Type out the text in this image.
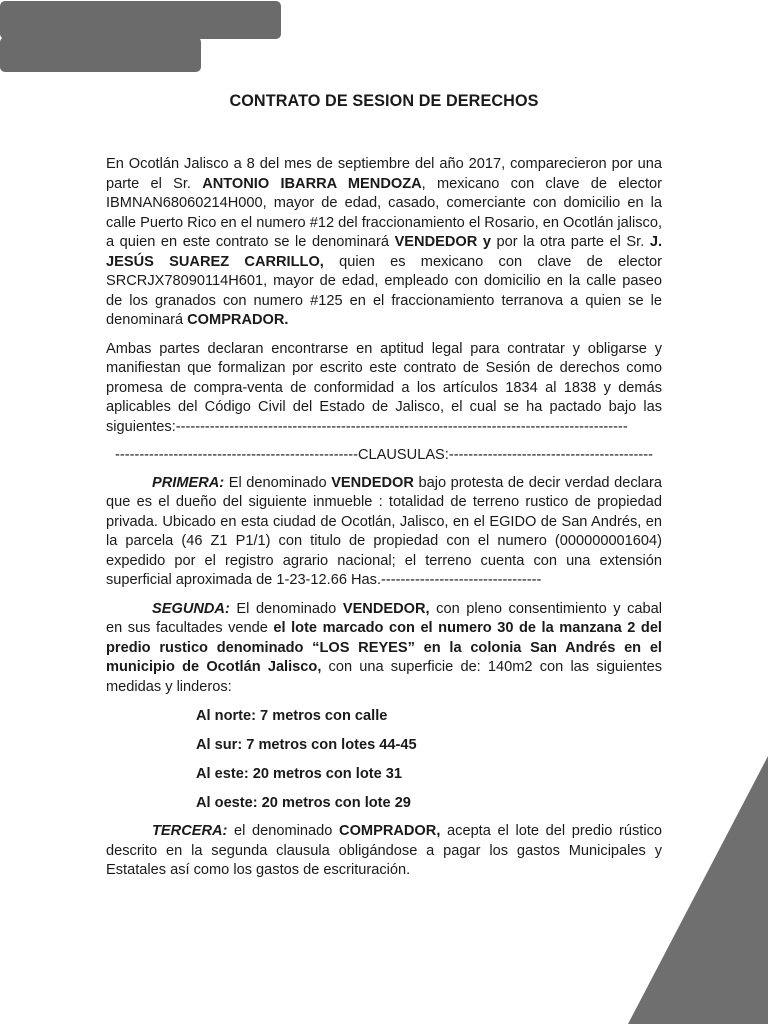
CONTRATO DE SESION DE DERECHOS

En Ocotlán Jalisco a 8 del mes de septiembre del año 2017, comparecieron por una parte el Sr. ANTONIO IBARRA MENDOZA, mexicano con clave de elector IBMNAN68060214H000, mayor de edad, casado, comerciante con domicilio en la calle Puerto Rico en el numero #12 del fraccionamiento el Rosario, en Ocotlán jalisco, a quien en este contrato se le denominará VENDEDOR y por la otra parte el Sr. J. JESÚS SUAREZ CARRILLO, quien es mexicano con clave de elector SRCRJX78090114H601, mayor de edad, empleado con domicilio en la calle paseo de los granados con numero #125 en el fraccionamiento terranova a quien se le denominará COMPRADOR.

Ambas partes declaran encontrarse en aptitud legal para contratar y obligarse y manifiestan que formalizan por escrito este contrato de Sesión de derechos como promesa de compra-venta de conformidad a los artículos 1834 al 1838 y demás aplicables del Código Civil del Estado de Jalisco, el cual se ha pactado bajo las siguientes:---------------------------------------------------------------------------------------------

--------------------------------------------------CLAUSULAS:------------------------------------------

PRIMERA: El denominado VENDEDOR bajo protesta de decir verdad declara que es el dueño del siguiente inmueble : totalidad de terreno rustico de propiedad privada. Ubicado en esta ciudad de Ocotlán, Jalisco, en el EGIDO de San Andrés, en la parcela (46 Z1 P1/1) con titulo de propiedad con el numero (000000001604) expedido por el registro agrario nacional; el terreno cuenta con una extensión superficial aproximada de 1-23-12.66 Has.---------------------------------

SEGUNDA: El denominado VENDEDOR, con pleno consentimiento y cabal en sus facultades vende el lote marcado con el numero 30 de la manzana 2 del predio rustico denominado “LOS REYES” en la colonia San Andrés en el municipio de Ocotlán Jalisco, con una superficie de: 140m2 con las siguientes medidas y linderos:

Al norte: 7 metros con calle

Al sur: 7 metros con lotes 44-45

Al este: 20 metros con lote 31

Al oeste: 20 metros con lote 29

TERCERA: el denominado COMPRADOR, acepta el lote del predio rústico descrito en la segunda clausula obligándose a pagar los gastos Municipales y Estatales así como los gastos de escrituración.
